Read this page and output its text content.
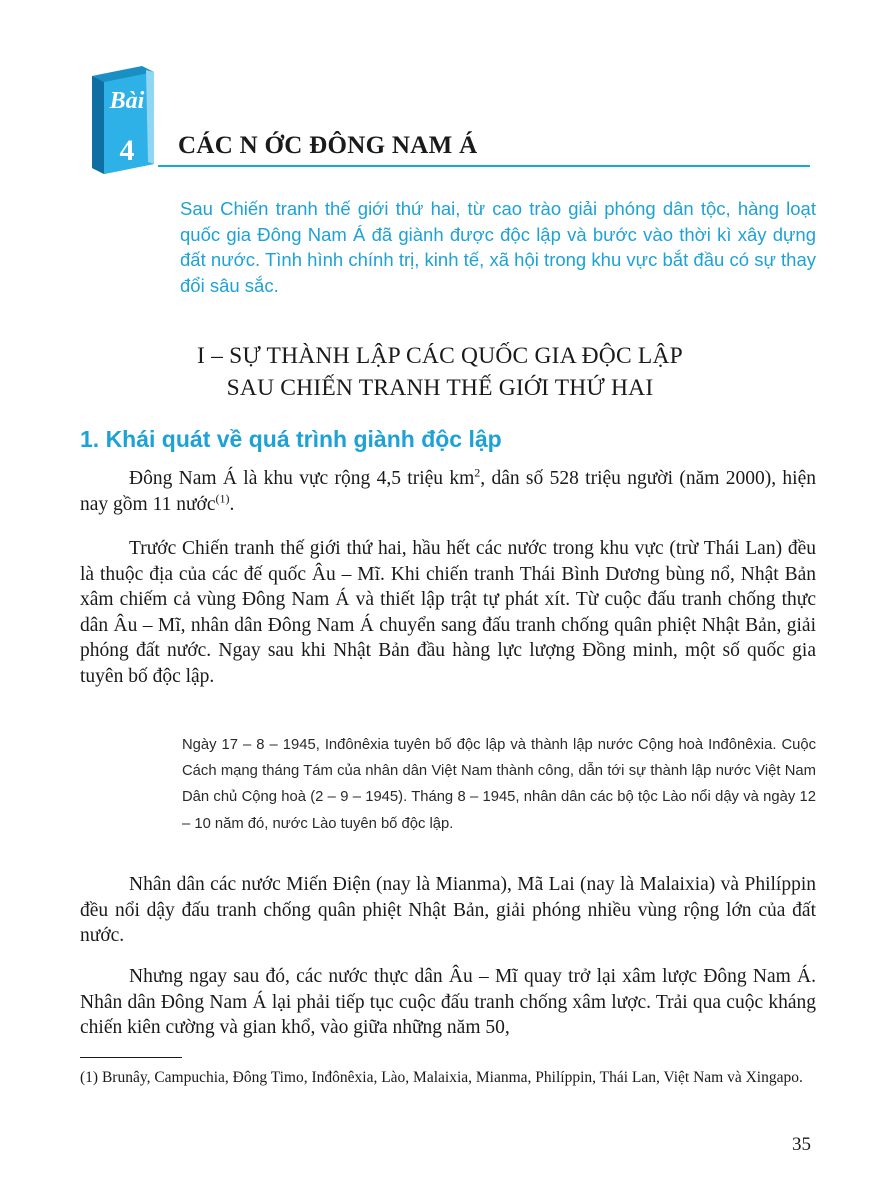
Bài
4	CÁC N ỚC ĐÔNG NAM Á
Sau Chiến tranh thế giới thứ hai, từ cao trào giải phóng dân tộc, hàng loạt quốc gia Đông Nam Á đã giành được độc lập và bước vào thời kì xây dựng đất nước. Tình hình chính trị, kinh tế, xã hội trong khu vực bắt đầu có sự thay đổi sâu sắc.
I – SỰ THÀNH LẬP CÁC QUỐC GIA ĐỘC LẬP
SAU CHIẾN TRANH THẾ GIỚI THỨ HAI
1. Khái quát về quá trình giành độc lập

Đông Nam Á là khu vực rộng 4,5 triệu $km^2$, dân số 528 triệu người (năm 2000), hiện nay gồm 11 nước$^{(1)}$.

Trước Chiến tranh thế giới thứ hai, hầu hết các nước trong khu vực (trừ Thái Lan) đều là thuộc địa của các đế quốc Âu – Mĩ. Khi chiến tranh Thái Bình Dương bùng nổ, Nhật Bản xâm chiếm cả vùng Đông Nam Á và thiết lập trật tự phát xít. Từ cuộc đấu tranh chống thực dân Âu – Mĩ, nhân dân Đông Nam Á chuyển sang đấu tranh chống quân phiệt Nhật Bản, giải phóng đất nước. Ngay sau khi Nhật Bản đầu hàng lực lượng Đồng minh, một số quốc gia tuyên bố độc lập.

Ngày 17 – 8 – 1945, Inđônêxia tuyên bố độc lập và thành lập nước Cộng hoà Inđônêxia. Cuộc Cách mạng tháng Tám của nhân dân Việt Nam thành công, dẫn tới sự thành lập nước Việt Nam Dân chủ Cộng hoà (2 – 9 – 1945). Tháng 8 – 1945, nhân dân các bộ tộc Lào nổi dậy và ngày 12 – 10 năm đó, nước Lào tuyên bố độc lập.

Nhân dân các nước Miến Điện (nay là Mianma), Mã Lai (nay là Malaixia) và Philíppin đều nổi dậy đấu tranh chống quân phiệt Nhật Bản, giải phóng nhiều vùng rộng lớn của đất nước.

Nhưng ngay sau đó, các nước thực dân Âu – Mĩ quay trở lại xâm lược Đông Nam Á. Nhân dân Đông Nam Á lại phải tiếp tục cuộc đấu tranh chống xâm lược. Trải qua cuộc kháng chiến kiên cường và gian khổ, vào giữa những năm 50,

(1) Brunây, Campuchia, Đông Timo, Inđônêxia, Lào, Malaixia, Mianma, Philíppin, Thái Lan, Việt Nam và Xingapo.
35
